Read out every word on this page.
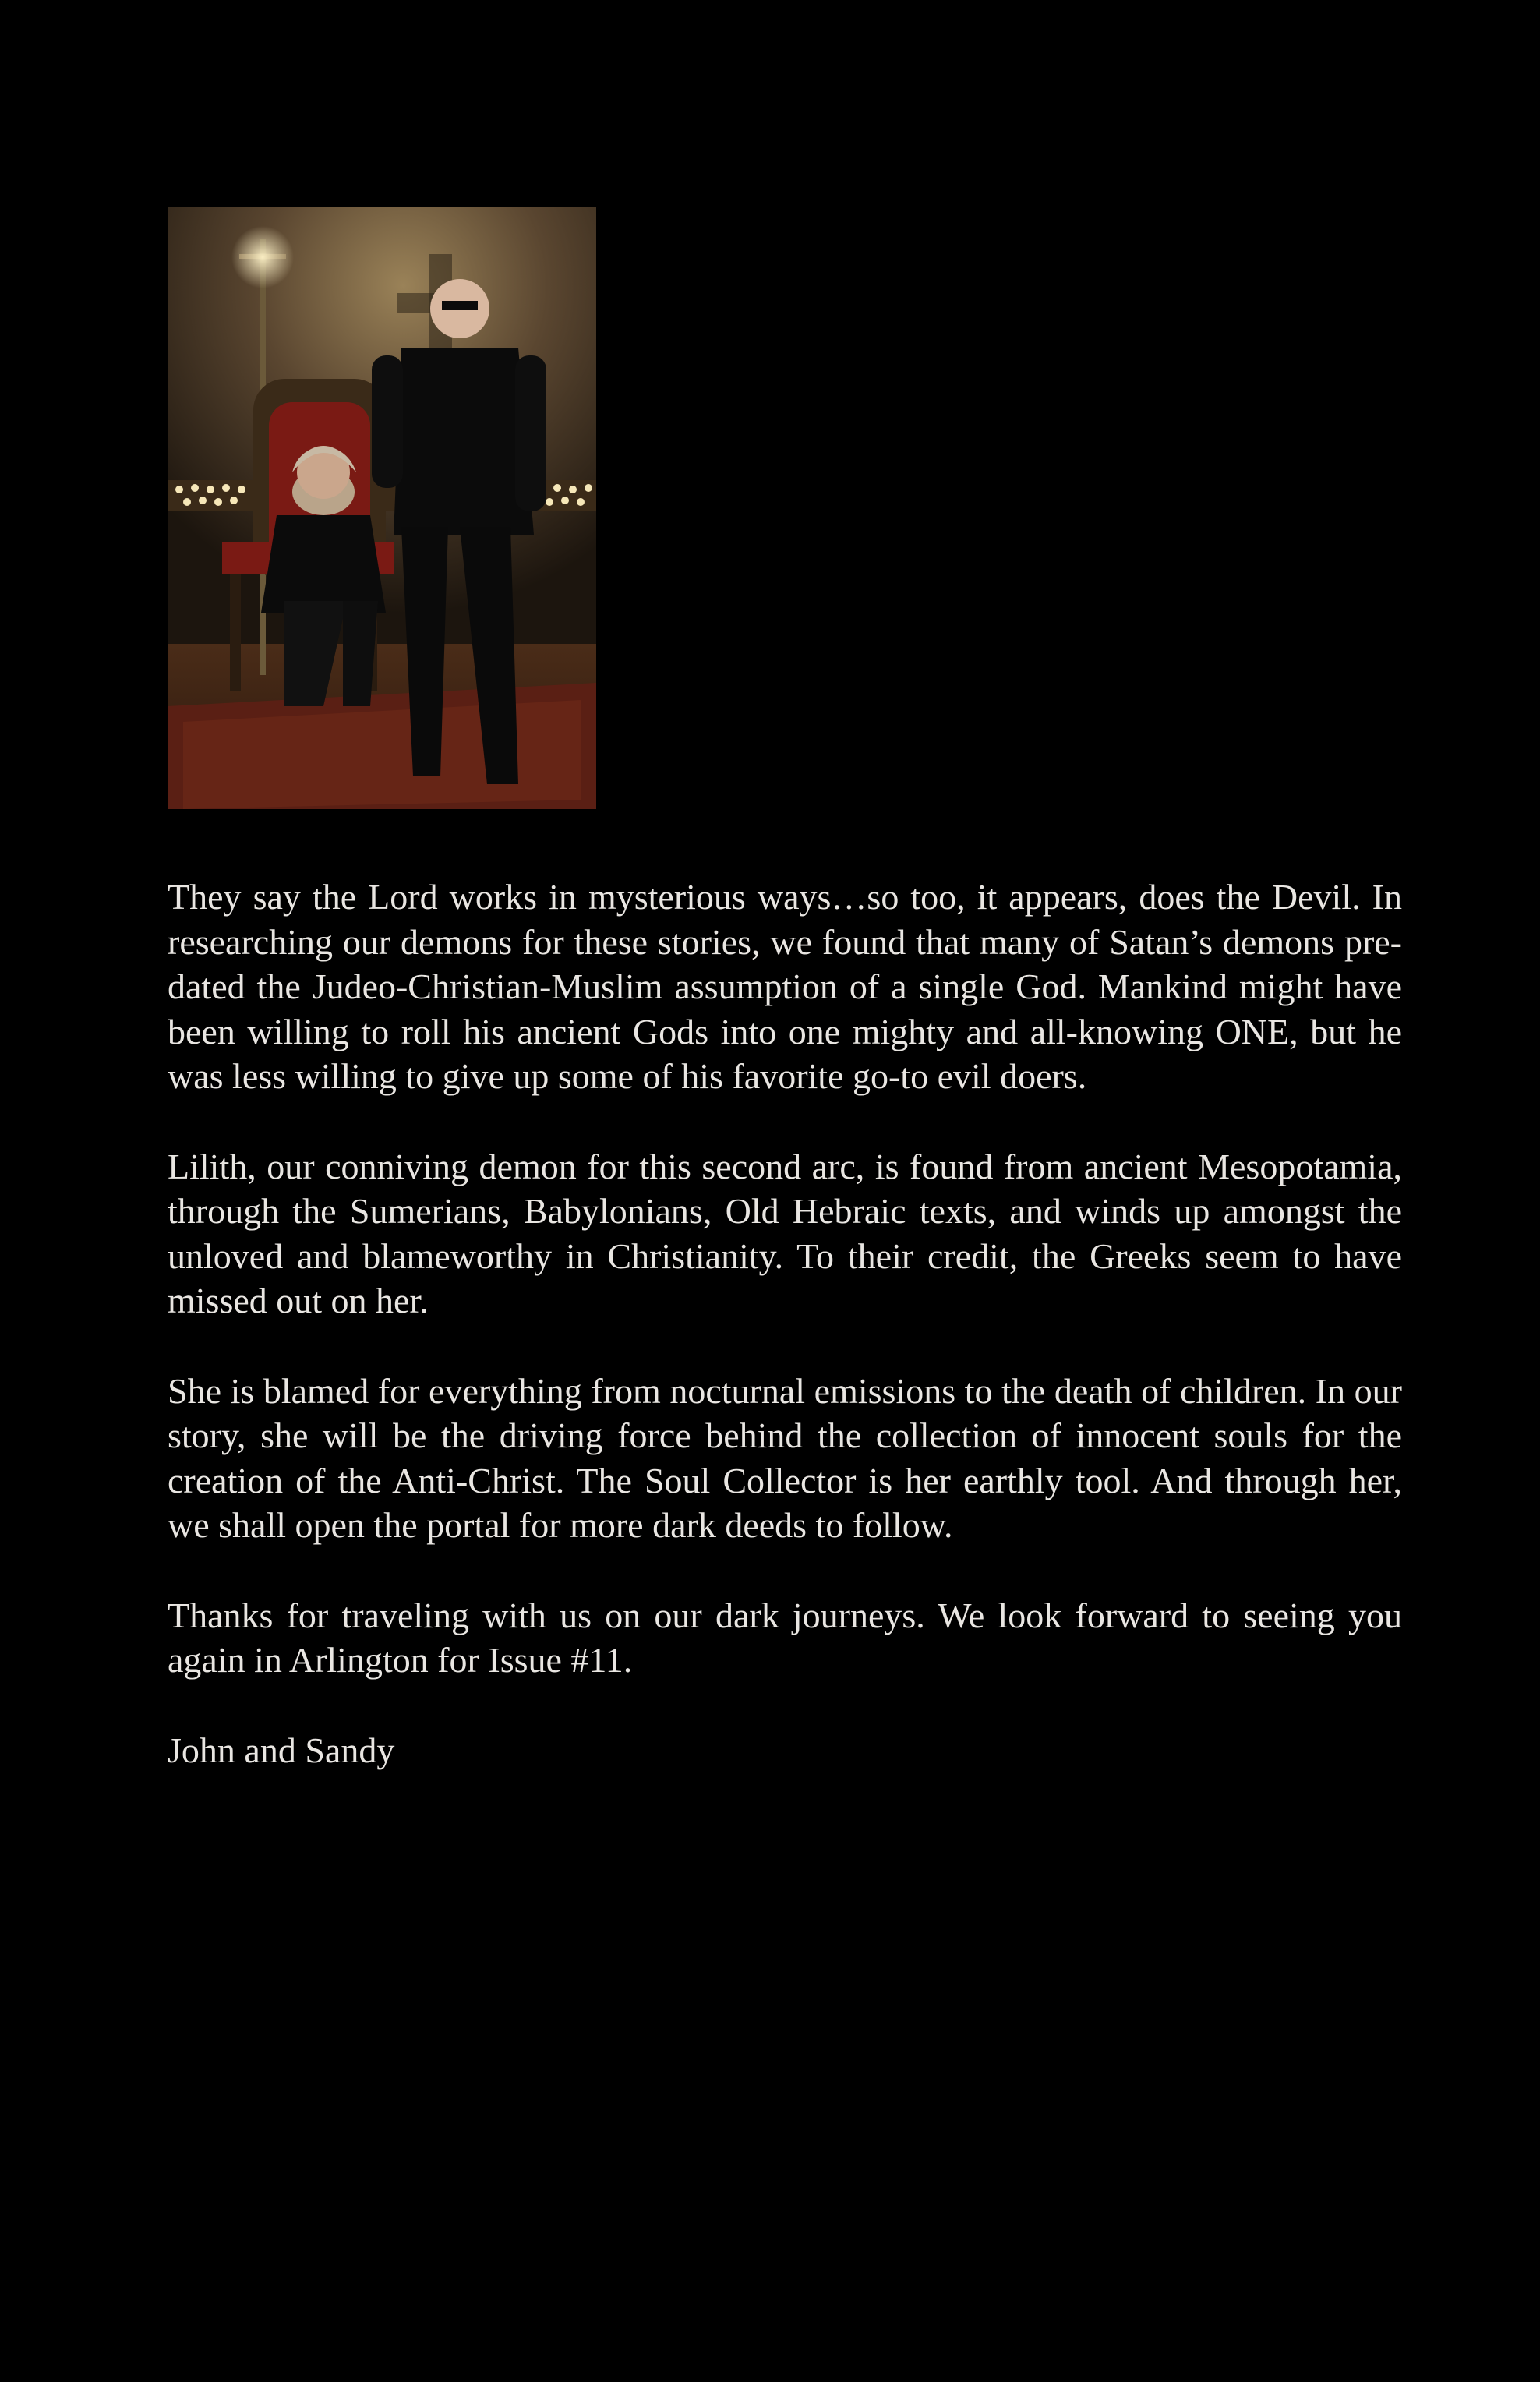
They say the Lord works in mysterious ways…so too, it appears, does the Devil. In researching our demons for these stories, we found that many of Satan’s demons pre-dated the Judeo-Christian-Muslim assumption of a single God. Mankind might have been willing to roll his ancient Gods into one mighty and all-knowing ONE, but he was less willing to give up some of his favorite go-to evil doers.

Lilith, our conniving demon for this second arc, is found from ancient Mesopotamia, through the Sumerians, Babylonians, Old Hebraic texts, and winds up amongst the unloved and blameworthy in Christianity. To their credit, the Greeks seem to have missed out on her.

She is blamed for everything from nocturnal emissions to the death of children. In our story, she will be the driving force behind the collection of innocent souls for the creation of the Anti-Christ. The Soul Collector is her earthly tool. And through her, we shall open the portal for more dark deeds to follow.

Thanks for traveling with us on our dark journeys. We look forward to seeing you again in Arlington for Issue #11.

John and Sandy
